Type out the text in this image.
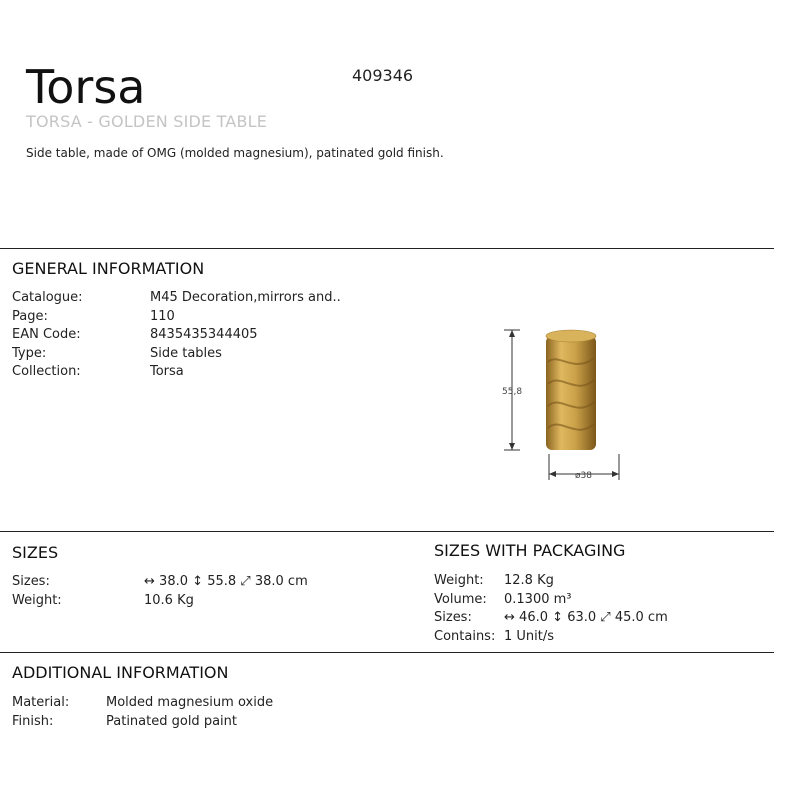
Torsa	409346
TORSA - GOLDEN SIDE TABLE
Side table, made of OMG (molded magnesium), patinated gold finish.
GENERAL INFORMATION
Catalogue:	M45 Decoration,mirrors and..
Page:	110
EAN Code:	8435435344405
Type:	Side tables
Collection:	Torsa
55,8
ø38
SIZES
Sizes:	↔ 38.0 ↕ 55.8 ⤢ 38.0 cm
Weight:	10.6 Kg
SIZES WITH PACKAGING
Weight:	12.8 Kg
Volume:	0.1300 m³
Sizes:	↔ 46.0 ↕ 63.0 ⤢ 45.0 cm
Contains: 1 Unit/s
ADDITIONAL INFORMATION
Material:	Molded magnesium oxide
Finish:	Patinated gold paint
